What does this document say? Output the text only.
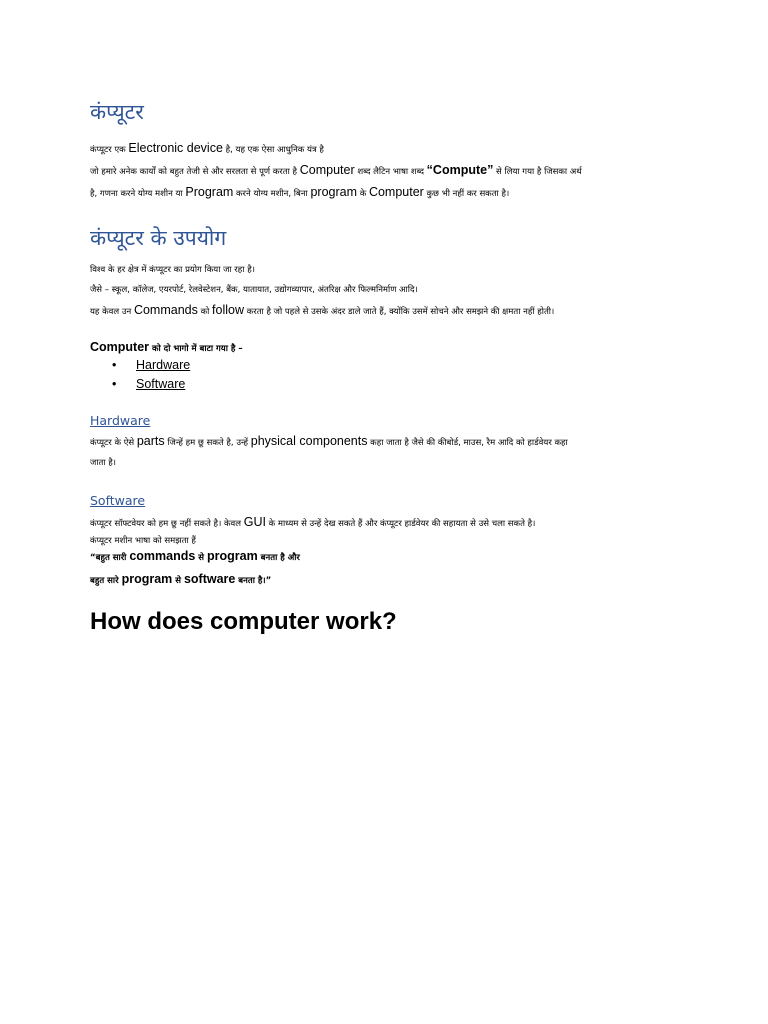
कंप्यूटर
कंप्यूटर एक Electronic device है, यह एक ऐसा आधुनिक यंत्र है
जो हमारे अनेक कार्यों को बहुत तेजी से और सरलता से पूर्ण करता है Computer शब्द लैटिन भाषा शब्द “Compute” से लिया गया है जिसका अर्थ
है, गणना करने योग्य मशीन या Program करने योग्य मशीन, बिना program के Computer कुछ भी नहीं कर सकता है।
कंप्यूटर के उपयोग
विश्व के हर क्षेत्र में कंप्यूटर का प्रयोग किया जा रहा है।
जैसे – स्कूल, कॉलेज, एयरपोर्ट, रेलवेस्टेशन, बैंक, यातायात, उद्योगव्यापार, अंतरिक्ष और फिल्मनिर्माण आदि।
यह केवल उन Commands को follow करता है जो पहले से उसके अंदर डाले जाते हैं, क्योंकि उसमें सोचने और समझने की क्षमता नहीं होती।
Computer को दो भागो में बाटा गया है –
• Hardware
• Software
Hardware
कंप्यूटर के ऐसे parts जिन्हें हम छू सकते है, उन्हें physical components कहा जाता है जैसे की कीबोर्ड, माउस, रैम आदि को हार्डवेयर कहा
जाता है।
Software
कंप्यूटर सॉफ्टवेयर को हम छू नहीं सकते है। केवल GUI के माध्यम से उन्हें देख सकते हैं और कंप्यूटर हार्डवेयर की सहायता से उसे चला सकते है।
कंप्यूटर मशीन भाषा को समझता हैं
“बहुत सारी commands से program बनता है और
बहुत सारे program से software बनता है।”
How does computer work?
